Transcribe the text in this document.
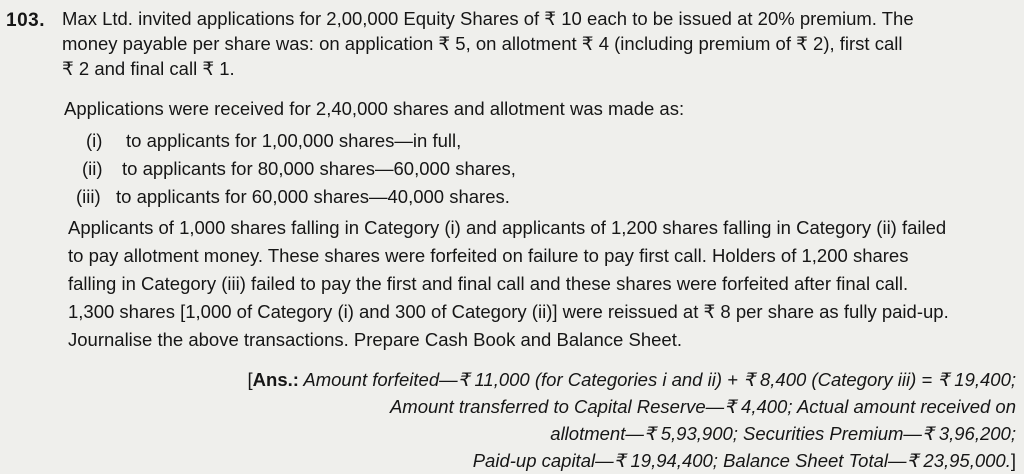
103. Max Ltd. invited applications for 2,00,000 Equity Shares of ₹ 10 each to be issued at 20% premium. The
money payable per share was: on application ₹ 5, on allotment ₹ 4 (including premium of ₹ 2), first call
₹ 2 and final call ₹ 1.
Applications were received for 2,40,000 shares and allotment was made as:
(i) to applicants for 1,00,000 shares—in full,
(ii) to applicants for 80,000 shares—60,000 shares,
(iii) to applicants for 60,000 shares—40,000 shares.
Applicants of 1,000 shares falling in Category (i) and applicants of 1,200 shares falling in Category (ii) failed
to pay allotment money. These shares were forfeited on failure to pay first call. Holders of 1,200 shares
falling in Category (iii) failed to pay the first and final call and these shares were forfeited after final call.
1,300 shares [1,000 of Category (i) and 300 of Category (ii)] were reissued at ₹ 8 per share as fully paid-up.
Journalise the above transactions. Prepare Cash Book and Balance Sheet.
[Ans.: Amount forfeited—₹ 11,000 (for Categories i and ii) + ₹ 8,400 (Category iii) = ₹ 19,400;
Amount transferred to Capital Reserve—₹ 4,400; Actual amount received on
allotment—₹ 5,93,900; Securities Premium—₹ 3,96,200;
Paid-up capital—₹ 19,94,400; Balance Sheet Total—₹ 23,95,000.]
